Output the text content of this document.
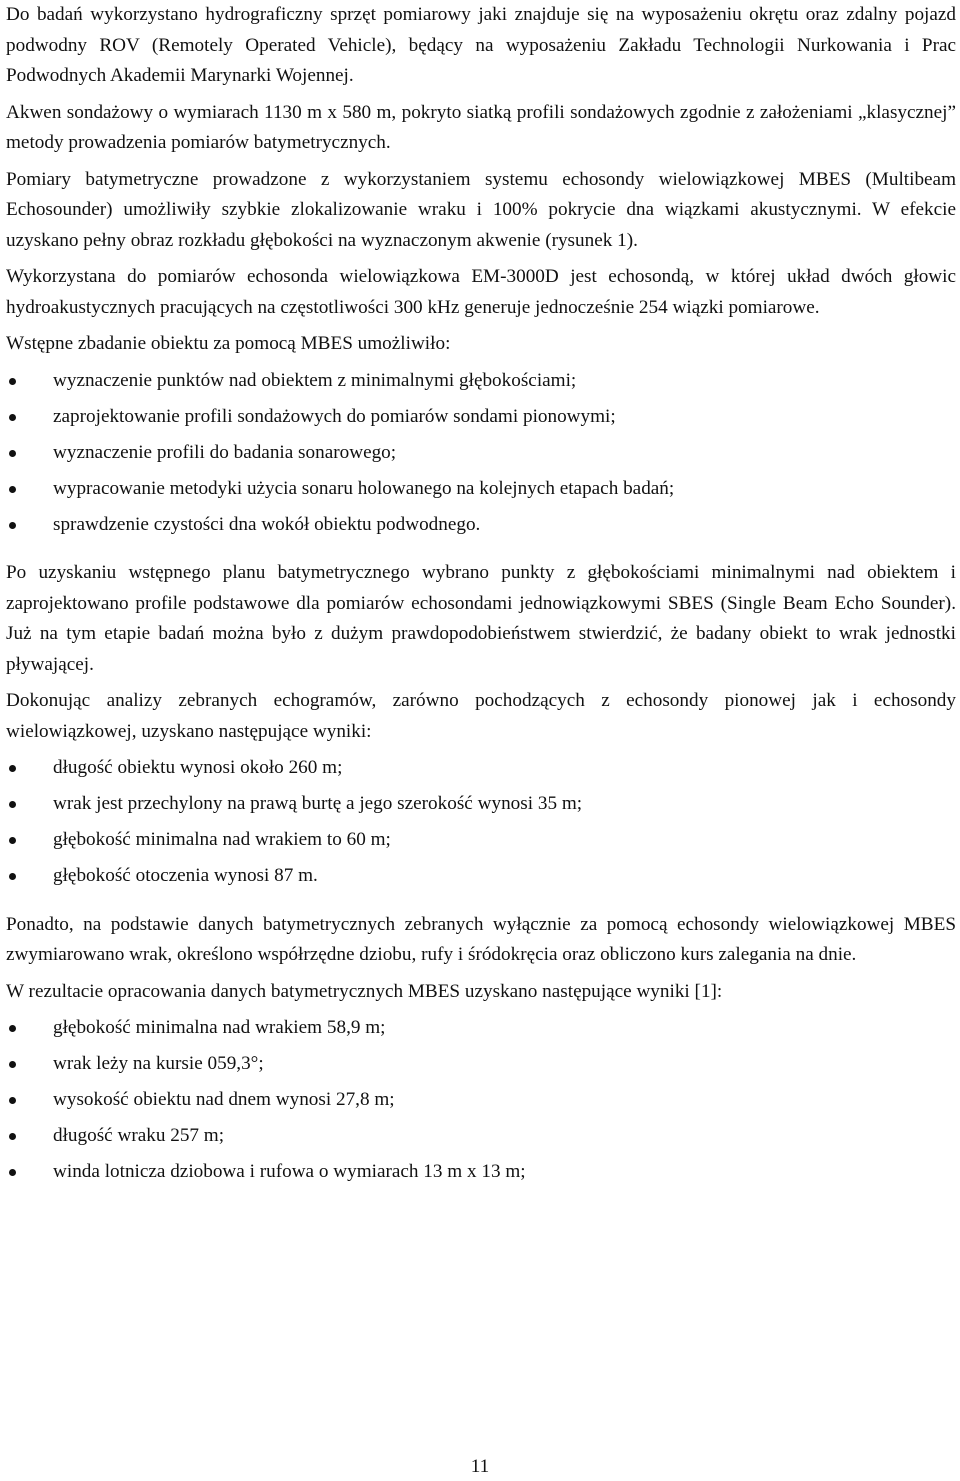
Do badań wykorzystano hydrograficzny sprzęt pomiarowy jaki znajduje się na wyposażeniu okrętu oraz zdalny pojazd podwodny ROV (Remotely Operated Vehicle), będący na wyposażeniu Zakładu Technologii Nurkowania i Prac Podwodnych Akademii Marynarki Wojennej.

Akwen sondażowy o wymiarach 1130 m x 580 m, pokryto siatką profili sondażowych zgodnie z założeniami „klasycznej” metody prowadzenia pomiarów batymetrycznych.

Pomiary batymetryczne prowadzone z wykorzystaniem systemu echosondy wielowiązkowej MBES (Multibeam Echosounder) umożliwiły szybkie zlokalizowanie wraku i 100% pokrycie dna wiązkami akustycznymi. W efekcie uzyskano pełny obraz rozkładu głębokości na wyznaczonym akwenie (rysunek 1).

Wykorzystana do pomiarów echosonda wielowiązkowa EM-3000D jest echosondą, w której układ dwóch głowic hydroakustycznych pracujących na częstotliwości 300 kHz generuje jednocześnie 254 wiązki pomiarowe.

Wstępne zbadanie obiektu za pomocą MBES umożliwiło:

wyznaczenie punktów nad obiektem z minimalnymi głębokościami;
zaprojektowanie profili sondażowych do pomiarów sondami pionowymi;
wyznaczenie profili do badania sonarowego;
wypracowanie metodyki użycia sonaru holowanego na kolejnych etapach badań;
sprawdzenie czystości dna wokół obiektu podwodnego.

Po uzyskaniu wstępnego planu batymetrycznego wybrano punkty z głębokościami minimalnymi nad obiektem i zaprojektowano profile podstawowe dla pomiarów echosondami jednowiązkowymi SBES (Single Beam Echo Sounder). Już na tym etapie badań można było z dużym prawdopodobieństwem stwierdzić, że badany obiekt to wrak jednostki pływającej.

Dokonując analizy zebranych echogramów, zarówno pochodzących z echosondy pionowej jak i echosondy wielowiązkowej, uzyskano następujące wyniki:

długość obiektu wynosi około 260 m;
wrak jest przechylony na prawą burtę a jego szerokość wynosi 35 m;
głębokość minimalna nad wrakiem to 60 m;
głębokość otoczenia wynosi 87 m.

Ponadto, na podstawie danych batymetrycznych zebranych wyłącznie za pomocą echosondy wielowiązkowej MBES zwymiarowano wrak, określono współrzędne dziobu, rufy i śródokręcia oraz obliczono kurs zalegania na dnie.

W rezultacie opracowania danych batymetrycznych MBES uzyskano następujące wyniki [1]:

głębokość minimalna nad wrakiem 58,9 m;
wrak leży na kursie 059,3°;
wysokość obiektu nad dnem wynosi 27,8 m;
długość wraku 257 m;
winda lotnicza dziobowa i rufowa o wymiarach 13 m x 13 m;
11
